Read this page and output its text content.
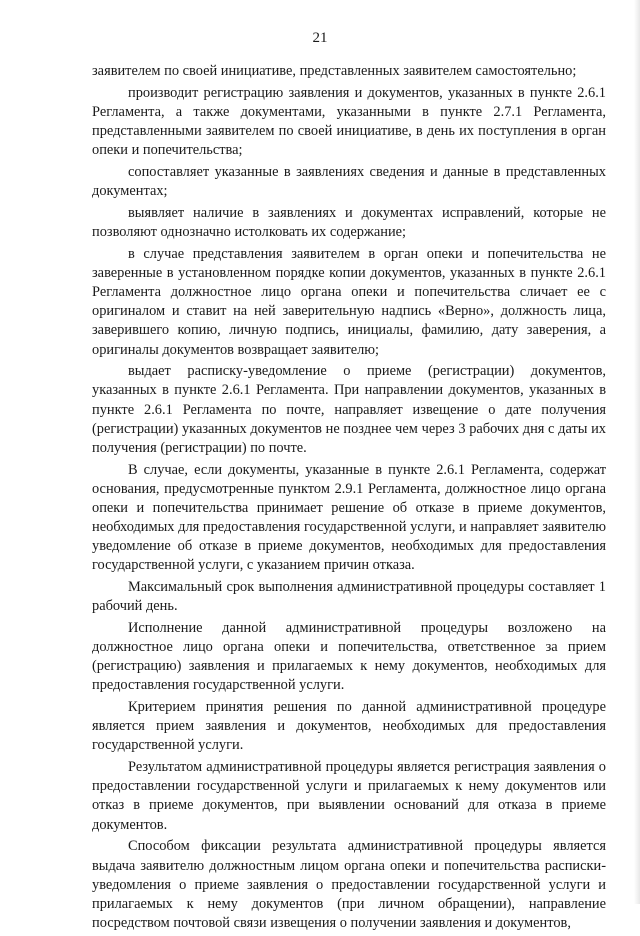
21

заявителем по своей инициативе, представленных заявителем самостоятельно;

производит регистрацию заявления и документов, указанных в пункте 2.6.1 Регламента, а также документами, указанными в пункте 2.7.1 Регламента, представленными заявителем по своей инициативе, в день их поступления в орган опеки и попечительства;

сопоставляет указанные в заявлениях сведения и данные в представленных документах;

выявляет наличие в заявлениях и документах исправлений, которые не позволяют однозначно истолковать их содержание;

в случае представления заявителем в орган опеки и попечительства не заверенные в установленном порядке копии документов, указанных в пункте 2.6.1 Регламента должностное лицо органа опеки и попечительства сличает ее с оригиналом и ставит на ней заверительную надпись «Верно», должность лица, заверившего копию, личную подпись, инициалы, фамилию, дату заверения, а оригиналы документов возвращает заявителю;

выдает расписку-уведомление о приеме (регистрации) документов, указанных в пункте 2.6.1 Регламента. При направлении документов, указанных в пункте 2.6.1 Регламента по почте, направляет извещение о дате получения (регистрации) указанных документов не позднее чем через 3 рабочих дня с даты их получения (регистрации) по почте.

В случае, если документы, указанные в пункте 2.6.1 Регламента, содержат основания, предусмотренные пунктом 2.9.1 Регламента, должностное лицо органа опеки и попечительства принимает решение об отказе в приеме документов, необходимых для предоставления государственной услуги, и направляет заявителю уведомление об отказе в приеме документов, необходимых для предоставления государственной услуги, с указанием причин отказа.

Максимальный срок выполнения административной процедуры составляет 1 рабочий день.

Исполнение данной административной процедуры возложено на должностное лицо органа опеки и попечительства, ответственное за прием (регистрацию) заявления и прилагаемых к нему документов, необходимых для предоставления государственной услуги.

Критерием принятия решения по данной административной процедуре является прием заявления и документов, необходимых для предоставления государственной услуги.

Результатом административной процедуры является регистрация заявления о предоставлении государственной услуги и прилагаемых к нему документов или отказ в приеме документов, при выявлении оснований для отказа в приеме документов.

Способом фиксации результата административной процедуры является выдача заявителю должностным лицом органа опеки и попечительства расписки-уведомления о приеме заявления о предоставлении государственной услуги и прилагаемых к нему документов (при личном обращении), направление посредством почтовой связи извещения о получении заявления и документов,
